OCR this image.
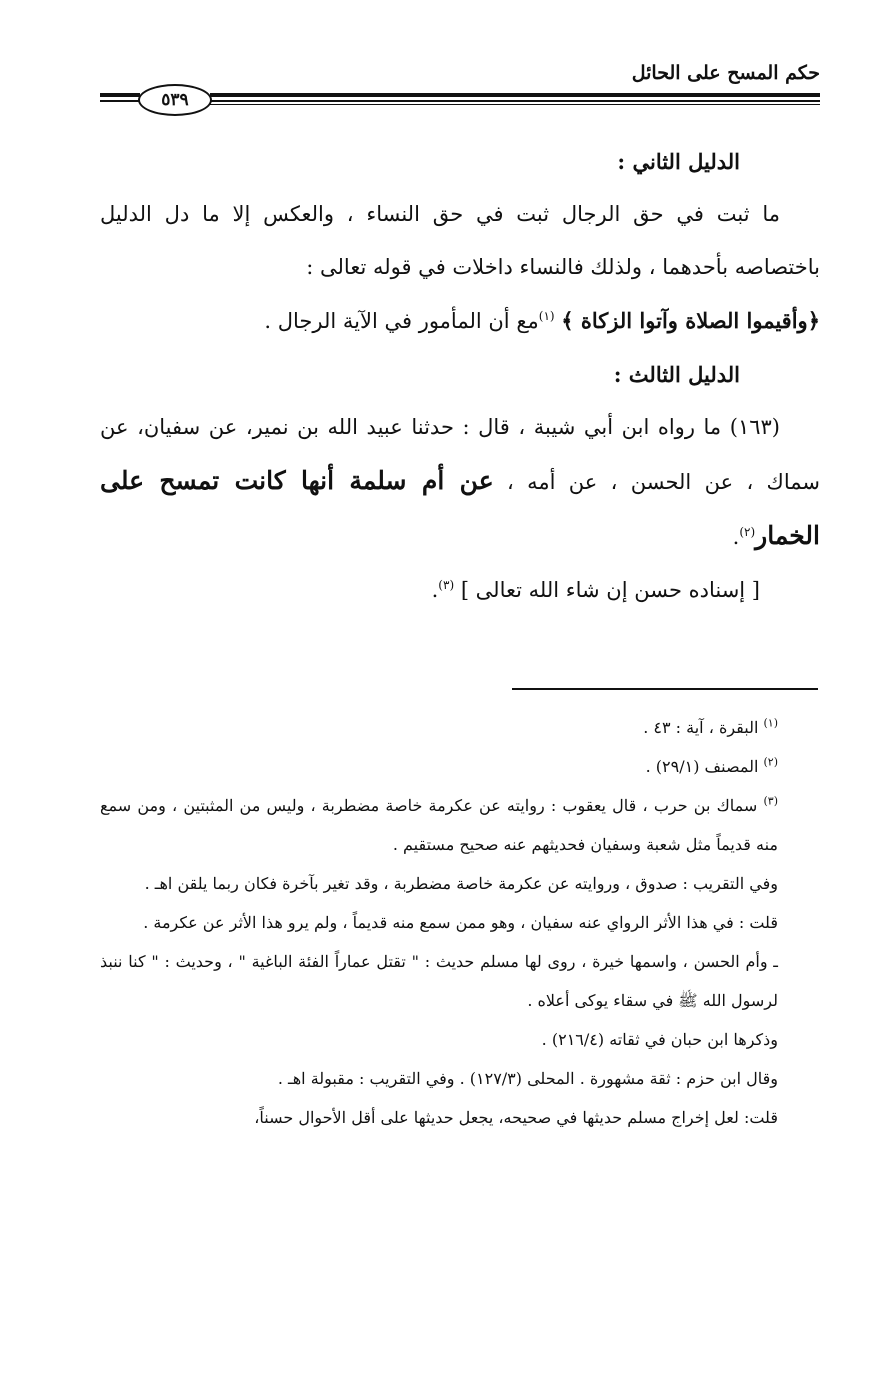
حكم المسح على الحائل
٥٣٩

الدليل الثاني :

ما ثبت في حق الرجال ثبت في حق النساء ، والعكس إلا ما دل الدليل باختصاصه بأحدهما ، ولذلك فالنساء داخلات في قوله تعالى :

﴿وأقيموا الصلاة وآتوا الزكاة ﴾ $^{(١)}$مع أن المأمور في الآية الرجال .

الدليل الثالث :

(١٦٣) ما رواه ابن أبي شيبة ، قال : حدثنا عبيد الله بن نمير، عن سفيان، عن سماك ، عن الحسن ، عن أمه ، عن أم سلمة أنها كانت تمسح على الخمار$^{(٢)}$.

[ إسناده حسن إن شاء الله تعالى ] $^{(٣)}$.

$^{(١)}$ البقرة ، آية : ٤٣ .

$^{(٢)}$ المصنف (٢٩/١) .

$^{(٣)}$ سماك بن حرب ، قال يعقوب : روايته عن عكرمة خاصة مضطربة ، وليس من المثبتين ، ومن سمع منه قديماً مثل شعبة وسفيان فحديثهم عنه صحيح مستقيم .

وفي التقريب : صدوق ، وروايته عن عكرمة خاصة مضطربة ، وقد تغير بآخرة فكان ربما يلقن اهـ .

قلت : في هذا الأثر الرواي عنه سفيان ، وهو ممن سمع منه قديماً ، ولم يرو هذا الأثر عن عكرمة .

ـ وأم الحسن ، واسمها خيرة ، روى لها مسلم حديث : " تقتل عماراً الفئة الباغية " ، وحديث : " كنا ننبذ لرسول الله ﷺ في سقاء يوكى أعلاه .

وذكرها ابن حبان في ثقاته (٢١٦/٤) .

وقال ابن حزم : ثقة مشهورة . المحلى (١٢٧/٣) . وفي التقريب : مقبولة اهـ .

قلت: لعل إخراج مسلم حديثها في صحيحه، يجعل حديثها على أقل الأحوال حسناً،
